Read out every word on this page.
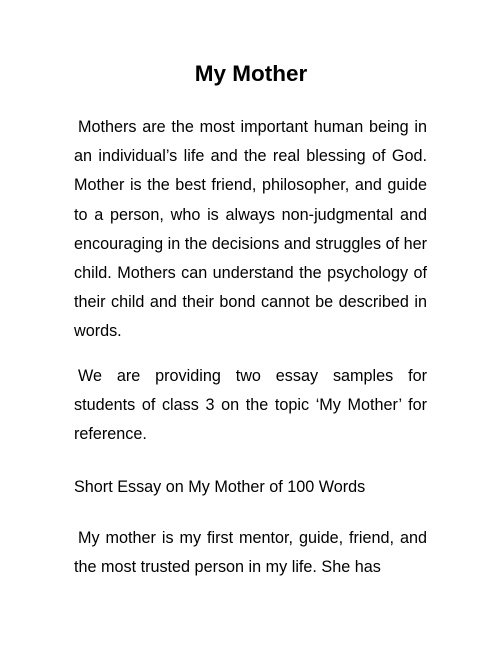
My Mother

Mothers are the most important human being in an individual’s life and the real blessing of God. Mother is the best friend, philosopher, and guide to a person, who is always non-judgmental and encouraging in the decisions and struggles of her child. Mothers can understand the psychology of their child and their bond cannot be described in words.

We are providing two essay samples for students of class 3 on the topic ‘My Mother’ for reference.

Short Essay on My Mother of 100 Words

My mother is my first mentor, guide, friend, and the most trusted person in my life. She has
